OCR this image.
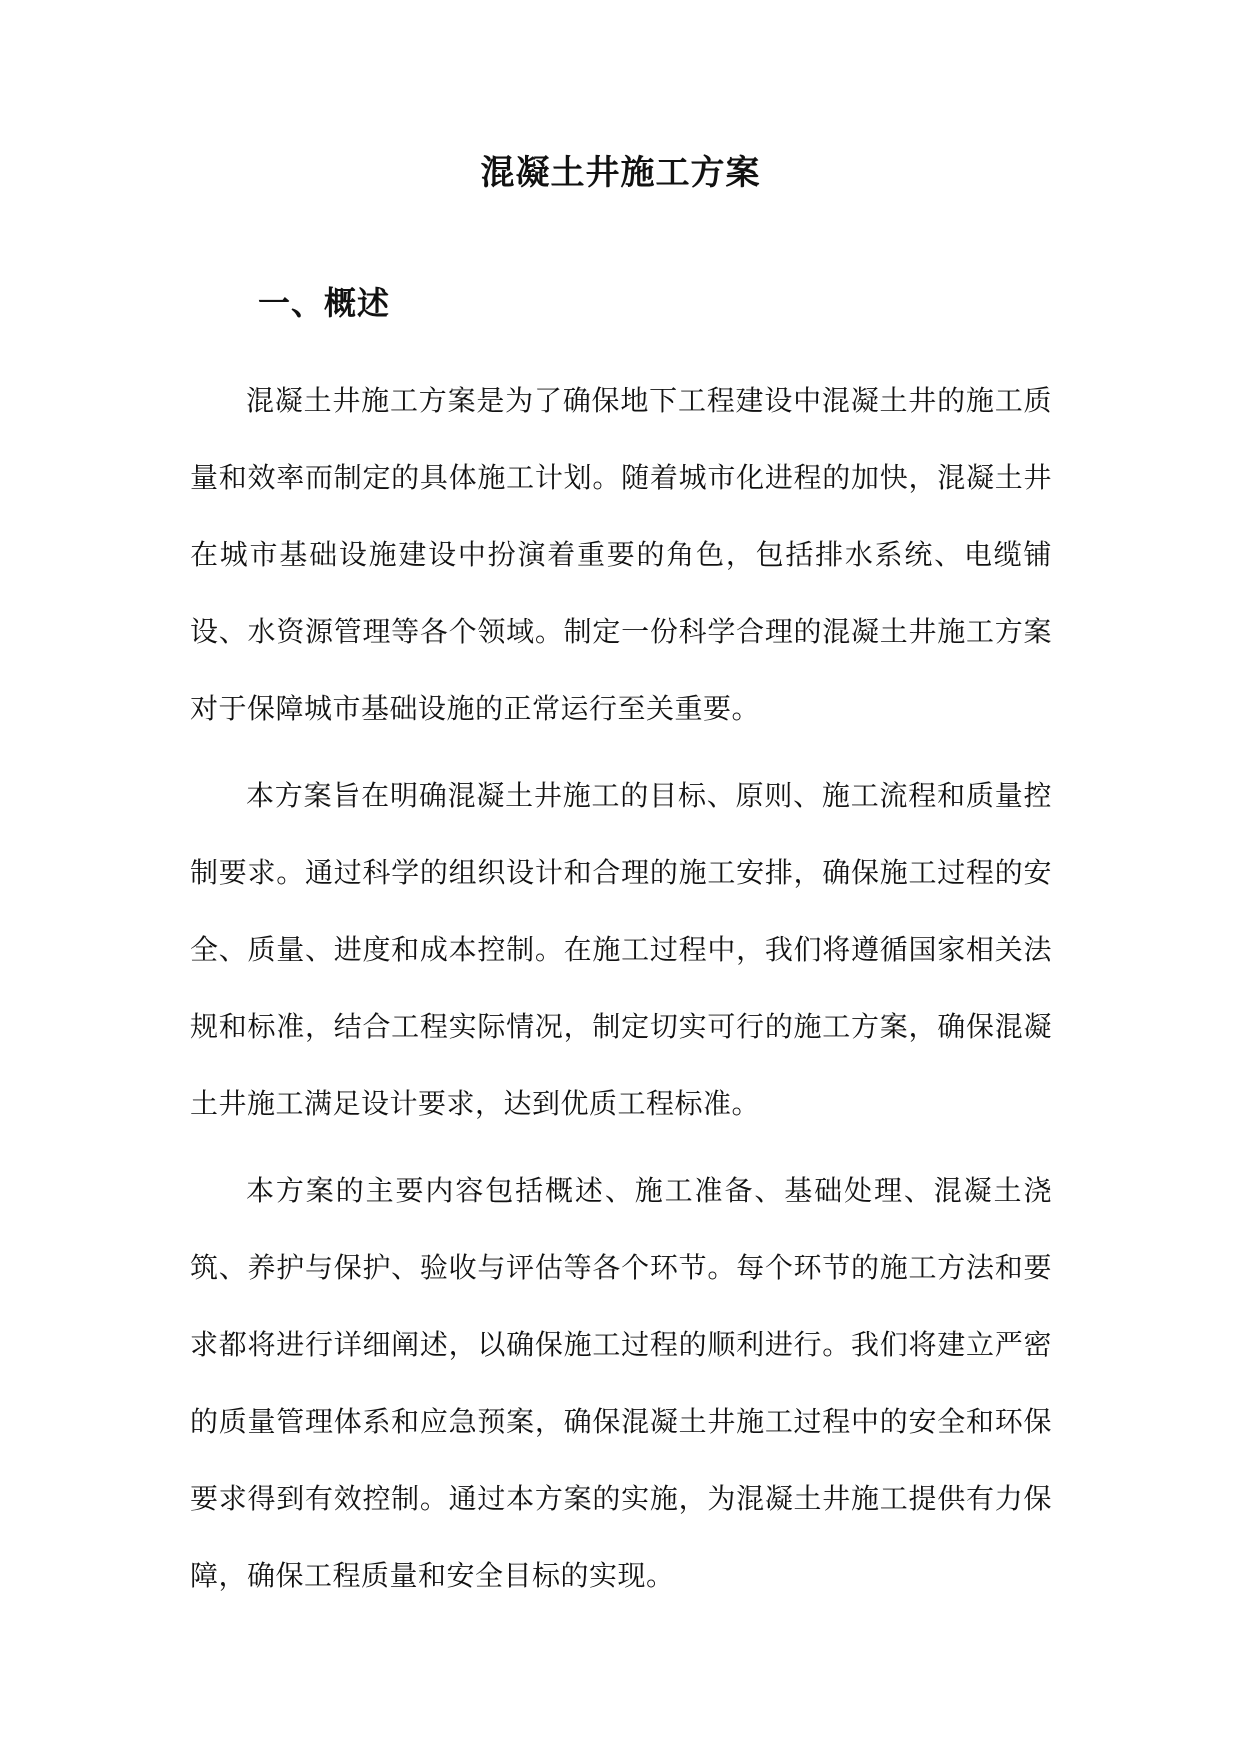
混凝土井施工方案
一、概述

混凝土井施工方案是为了确保地下工程建设中混凝土井的施工质量和效率而制定的具体施工计划。随着城市化进程的加快，混凝土井在城市基础设施建设中扮演着重要的角色，包括排水系统、电缆铺设、水资源管理等各个领域。制定一份科学合理的混凝土井施工方案对于保障城市基础设施的正常运行至关重要。

本方案旨在明确混凝土井施工的目标、原则、施工流程和质量控制要求。通过科学的组织设计和合理的施工安排，确保施工过程的安全、质量、进度和成本控制。在施工过程中，我们将遵循国家相关法规和标准，结合工程实际情况，制定切实可行的施工方案，确保混凝土井施工满足设计要求，达到优质工程标准。

本方案的主要内容包括概述、施工准备、基础处理、混凝土浇筑、养护与保护、验收与评估等各个环节。每个环节的施工方法和要求都将进行详细阐述，以确保施工过程的顺利进行。我们将建立严密的质量管理体系和应急预案，确保混凝土井施工过程中的安全和环保要求得到有效控制。通过本方案的实施，为混凝土井施工提供有力保障，确保工程质量和安全目标的实现。
